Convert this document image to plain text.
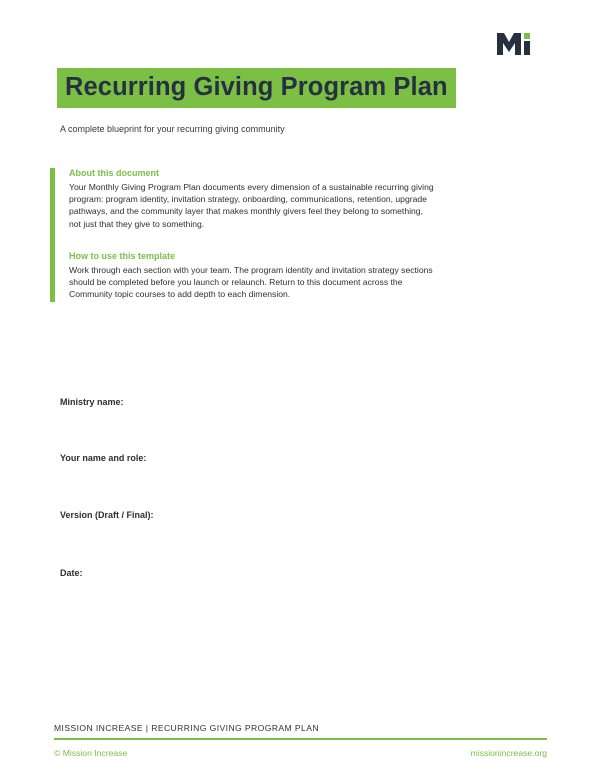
Recurring Giving Program Plan
A complete blueprint for your recurring giving community
About this document
Your Monthly Giving Program Plan documents every dimension of a sustainable recurring giving
program: program identity, invitation strategy, onboarding, communications, retention, upgrade
pathways, and the community layer that makes monthly givers feel they belong to something,
not just that they give to something.
How to use this template
Work through each section with your team. The program identity and invitation strategy sections
should be completed before you launch or relaunch. Return to this document across the
Community topic courses to add depth to each dimension.
Ministry name:
Your name and role:
Version (Draft / Final):
Date:
MISSION INCREASE | RECURRING GIVING PROGRAM PLAN
© Mission Increase	missionincrease.org
